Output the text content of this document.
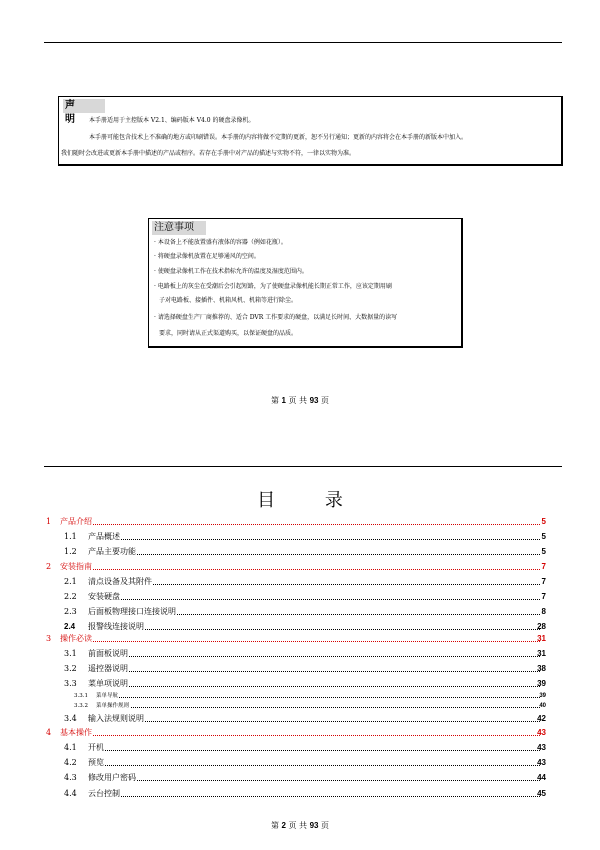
声 明	本手册适用于主控版本 V2.1、编码版本 V4.0 的硬盘录像机。

本手册可能包含技术上不准确的地方或印刷错误。本手册的内容将做不定期的更新，恕不另行通知；更新的内容将会在本手册的新版本中加入。

我们随时会改进或更新本手册中描述的产品或程序。若存在手册中对产品的描述与实物不符，一律以实物为准。

注意事项
· 本设备上不能放置盛有液体的容器（例如花瓶）。
· 将硬盘录像机放置在足够通风的空间。
· 使硬盘录像机工作在技术指标允许的温度及湿度范围内。
· 电路板上的灰尘在受潮后会引起短路，为了使硬盘录像机能长期正常工作，应该定期用刷
子对电路板、接插件、机箱风机、机箱等进行除尘。
· 请选择硬盘生产厂商推荐的、适合 DVR 工作要求的硬盘，以满足长时间、大数据量的读写
要求，同时请从正式渠道购买，以保证硬盘的品质。
第 1 页 共 93 页
目 录
1 产品介绍	5
1.1 产品概述	5
1.2 产品主要功能	5
2 安装指南	7
2.1 清点设备及其附件	7
2.2 安装硬盘	7
2.3 后面板物理接口连接说明	8
2.4 报警线连接说明	28
3 操作必读	31
3.1 前面板说明	31
3.2 遥控器说明	38
3.3 菜单项说明	39
3.3.1 菜单导航	39
3.3.2 菜单操作规则	40
3.4 输入法规则说明	42
4 基本操作	43
4.1 开机	43
4.2 预览	43
4.3 修改用户密码	44
4.4 云台控制	45
第 2 页 共 93 页
